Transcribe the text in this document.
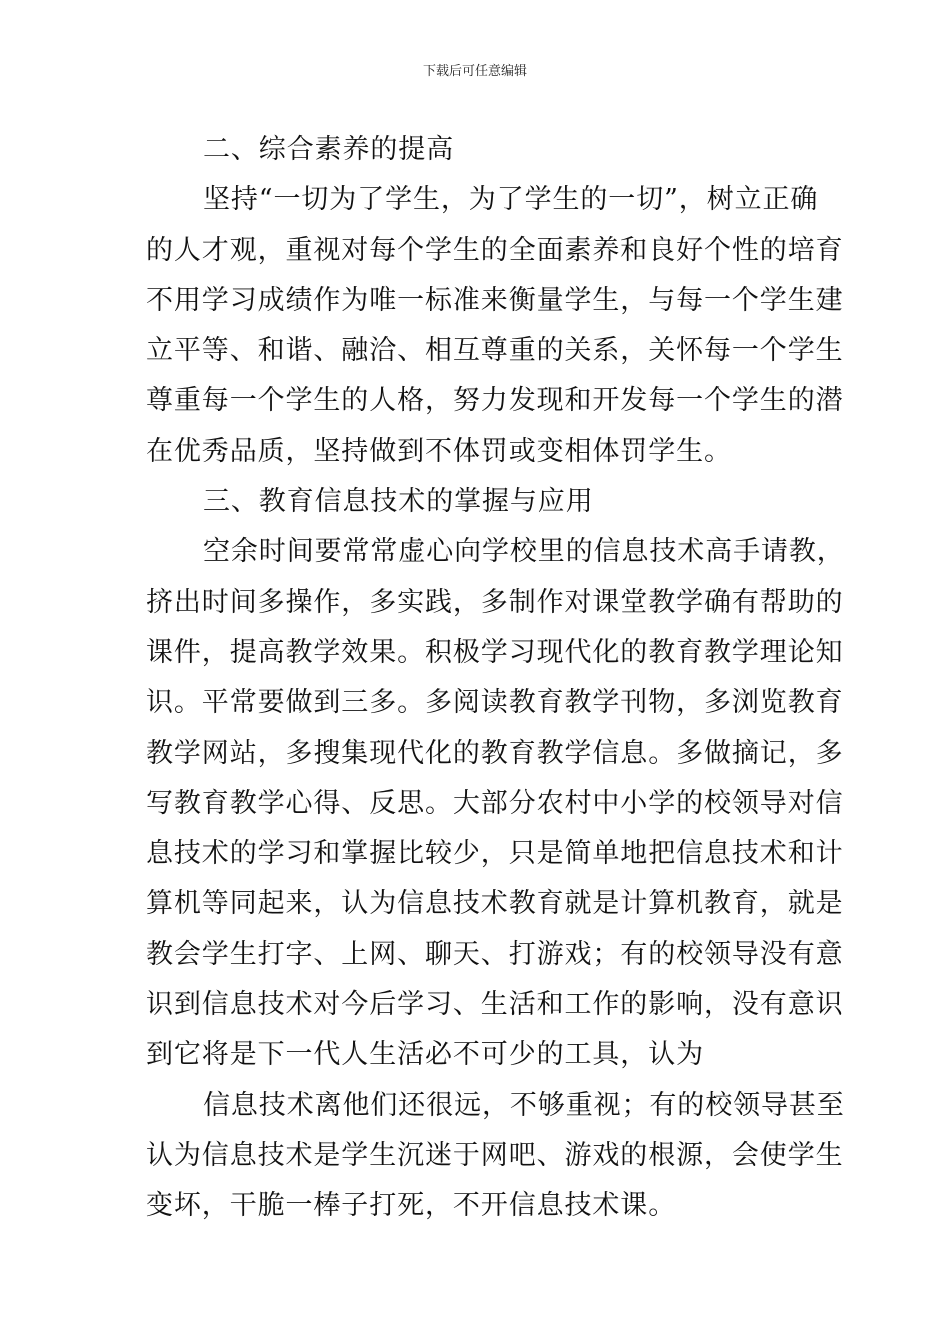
下载后可任意编辑
二、综合素养的提高
坚持“一切为了学生，为了学生的一切”，树立正确
的人才观，重视对每个学生的全面素养和良好个性的培育
不用学习成绩作为唯一标准来衡量学生，与每一个学生建
立平等、和谐、融洽、相互尊重的关系，关怀每一个学生
尊重每一个学生的人格，努力发现和开发每一个学生的潜
在优秀品质，坚持做到不体罚或变相体罚学生。
三、教育信息技术的掌握与应用
空余时间要常常虚心向学校里的信息技术高手请教，
挤出时间多操作，多实践，多制作对课堂教学确有帮助的
课件，提高教学效果。积极学习现代化的教育教学理论知
识。平常要做到三多。多阅读教育教学刊物，多浏览教育
教学网站，多搜集现代化的教育教学信息。多做摘记，多
写教育教学心得、反思。大部分农村中小学的校领导对信
息技术的学习和掌握比较少，只是简单地把信息技术和计
算机等同起来，认为信息技术教育就是计算机教育，就是
教会学生打字、上网、聊天、打游戏；有的校领导没有意
识到信息技术对今后学习、生活和工作的影响，没有意识
到它将是下一代人生活必不可少的工具，认为
信息技术离他们还很远，不够重视；有的校领导甚至
认为信息技术是学生沉迷于网吧、游戏的根源，会使学生
变坏，干脆一棒子打死，不开信息技术课。
